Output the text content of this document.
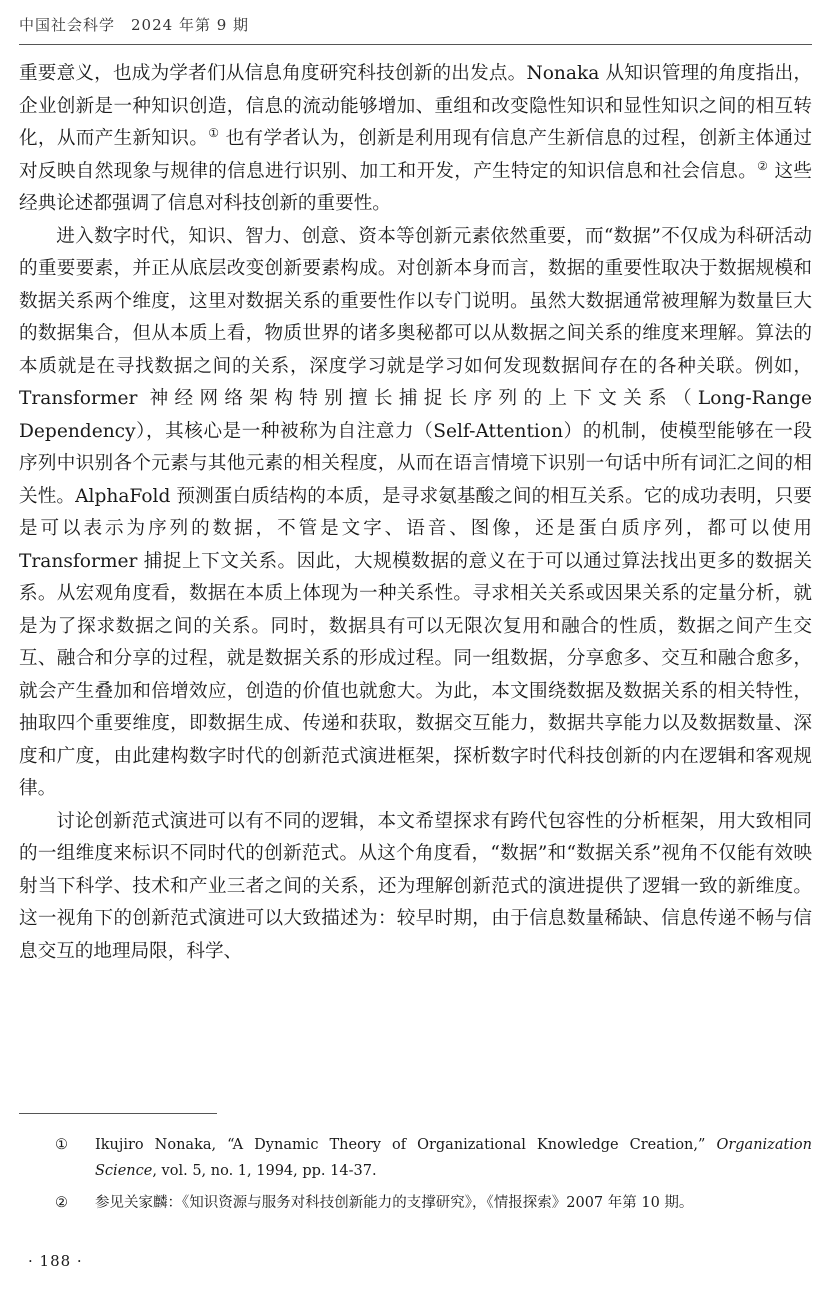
中国社会科学　2024 年第 9 期

重要意义，也成为学者们从信息角度研究科技创新的出发点。Nonaka 从知识管理的角度指出，企业创新是一种知识创造，信息的流动能够增加、重组和改变隐性知识和显性知识之间的相互转化，从而产生新知识。① 也有学者认为，创新是利用现有信息产生新信息的过程，创新主体通过对反映自然现象与规律的信息进行识别、加工和开发，产生特定的知识信息和社会信息。② 这些经典论述都强调了信息对科技创新的重要性。

进入数字时代，知识、智力、创意、资本等创新元素依然重要，而“数据”不仅成为科研活动的重要要素，并正从底层改变创新要素构成。对创新本身而言，数据的重要性取决于数据规模和数据关系两个维度，这里对数据关系的重要性作以专门说明。虽然大数据通常被理解为数量巨大的数据集合，但从本质上看，物质世界的诸多奥秘都可以从数据之间关系的维度来理解。算法的本质就是在寻找数据之间的关系，深度学习就是学习如何发现数据间存在的各种关联。例如，Transformer 神经网络架构特别擅长捕捉长序列的上下文关系（Long-Range Dependency），其核心是一种被称为自注意力（Self-Attention）的机制，使模型能够在一段序列中识别各个元素与其他元素的相关程度，从而在语言情境下识别一句话中所有词汇之间的相关性。AlphaFold 预测蛋白质结构的本质，是寻求氨基酸之间的相互关系。它的成功表明，只要是可以表示为序列的数据，不管是文字、语音、图像，还是蛋白质序列，都可以使用 Transformer 捕捉上下文关系。因此，大规模数据的意义在于可以通过算法找出更多的数据关系。从宏观角度看，数据在本质上体现为一种关系性。寻求相关关系或因果关系的定量分析，就是为了探求数据之间的关系。同时，数据具有可以无限次复用和融合的性质，数据之间产生交互、融合和分享的过程，就是数据关系的形成过程。同一组数据，分享愈多、交互和融合愈多，就会产生叠加和倍增效应，创造的价值也就愈大。为此，本文围绕数据及数据关系的相关特性，抽取四个重要维度，即数据生成、传递和获取，数据交互能力，数据共享能力以及数据数量、深度和广度，由此建构数字时代的创新范式演进框架，探析数字时代科技创新的内在逻辑和客观规律。

讨论创新范式演进可以有不同的逻辑，本文希望探求有跨代包容性的分析框架，用大致相同的一组维度来标识不同时代的创新范式。从这个角度看，“数据”和“数据关系”视角不仅能有效映射当下科学、技术和产业三者之间的关系，还为理解创新范式的演进提供了逻辑一致的新维度。这一视角下的创新范式演进可以大致描述为：较早时期，由于信息数量稀缺、信息传递不畅与信息交互的地理局限，科学、

① Ikujiro Nonaka, “A Dynamic Theory of Organizational Knowledge Creation,” Organization Science, vol. 5, no. 1, 1994, pp. 14-37.
② 参见关家麟：《知识资源与服务对科技创新能力的支撑研究》，《情报探索》2007 年第 10 期。
· 188 ·
